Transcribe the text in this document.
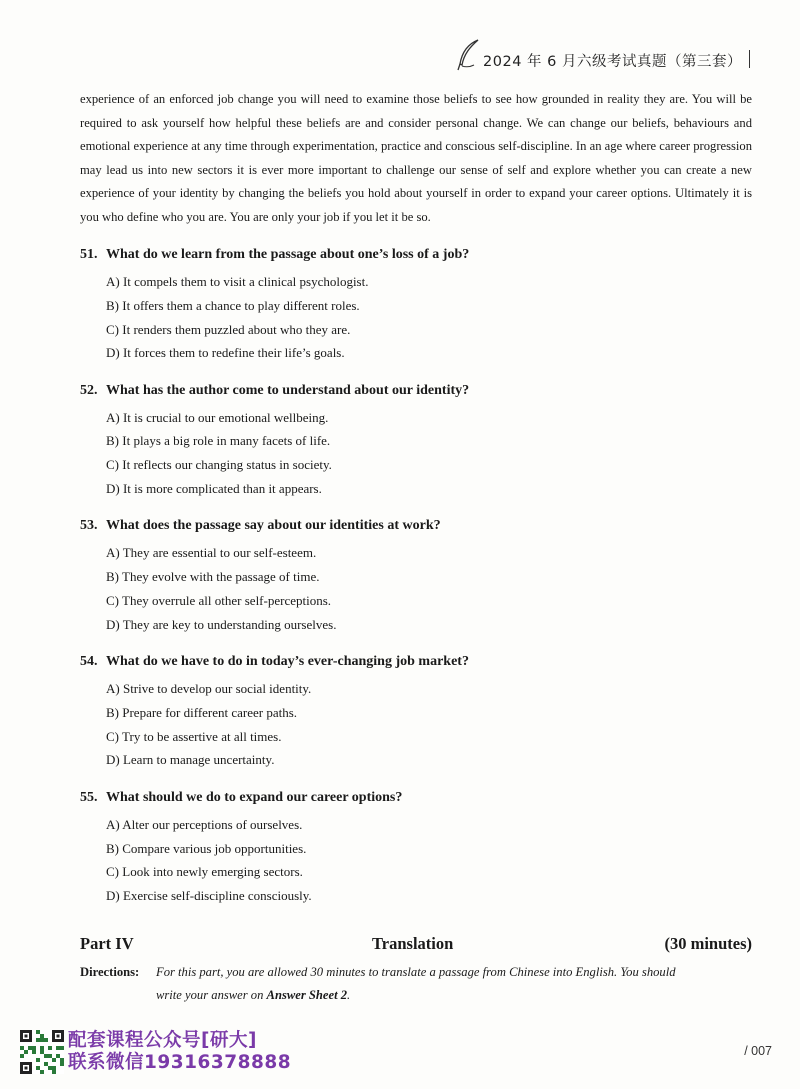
2024 年 6 月六级考试真题（第三套）
experience of an enforced job change you will need to examine those beliefs to see how grounded in reality they are. You will be required to ask yourself how helpful these beliefs are and consider personal change. We can change our beliefs, behaviours and emotional experience at any time through experimentation, practice and conscious self-discipline. In an age where career progression may lead us into new sectors it is ever more important to challenge our sense of self and explore whether you can create a new experience of your identity by changing the beliefs you hold about yourself in order to expand your career options. Ultimately it is you who define who you are. You are only your job if you let it be so.
51. What do we learn from the passage about one’s loss of a job?
A) It compels them to visit a clinical psychologist.
B) It offers them a chance to play different roles.
C) It renders them puzzled about who they are.
D) It forces them to redefine their life’s goals.
52. What has the author come to understand about our identity?
A) It is crucial to our emotional wellbeing.
B) It plays a big role in many facets of life.
C) It reflects our changing status in society.
D) It is more complicated than it appears.
53. What does the passage say about our identities at work?
A) They are essential to our self-esteem.
B) They evolve with the passage of time.
C) They overrule all other self-perceptions.
D) They are key to understanding ourselves.
54. What do we have to do in today’s ever-changing job market?
A) Strive to develop our social identity.
B) Prepare for different career paths.
C) Try to be assertive at all times.
D) Learn to manage uncertainty.
55. What should we do to expand our career options?
A) Alter our perceptions of ourselves.
B) Compare various job opportunities.
C) Look into newly emerging sectors.
D) Exercise self-discipline consciously.
Part IV	Translation	(30 minutes)
Directions: For this part, you are allowed 30 minutes to translate a passage from Chinese into English. You should
write your answer on Answer Sheet 2.
配套课程公众号[研大]
联系微信19316378888
/ 007
